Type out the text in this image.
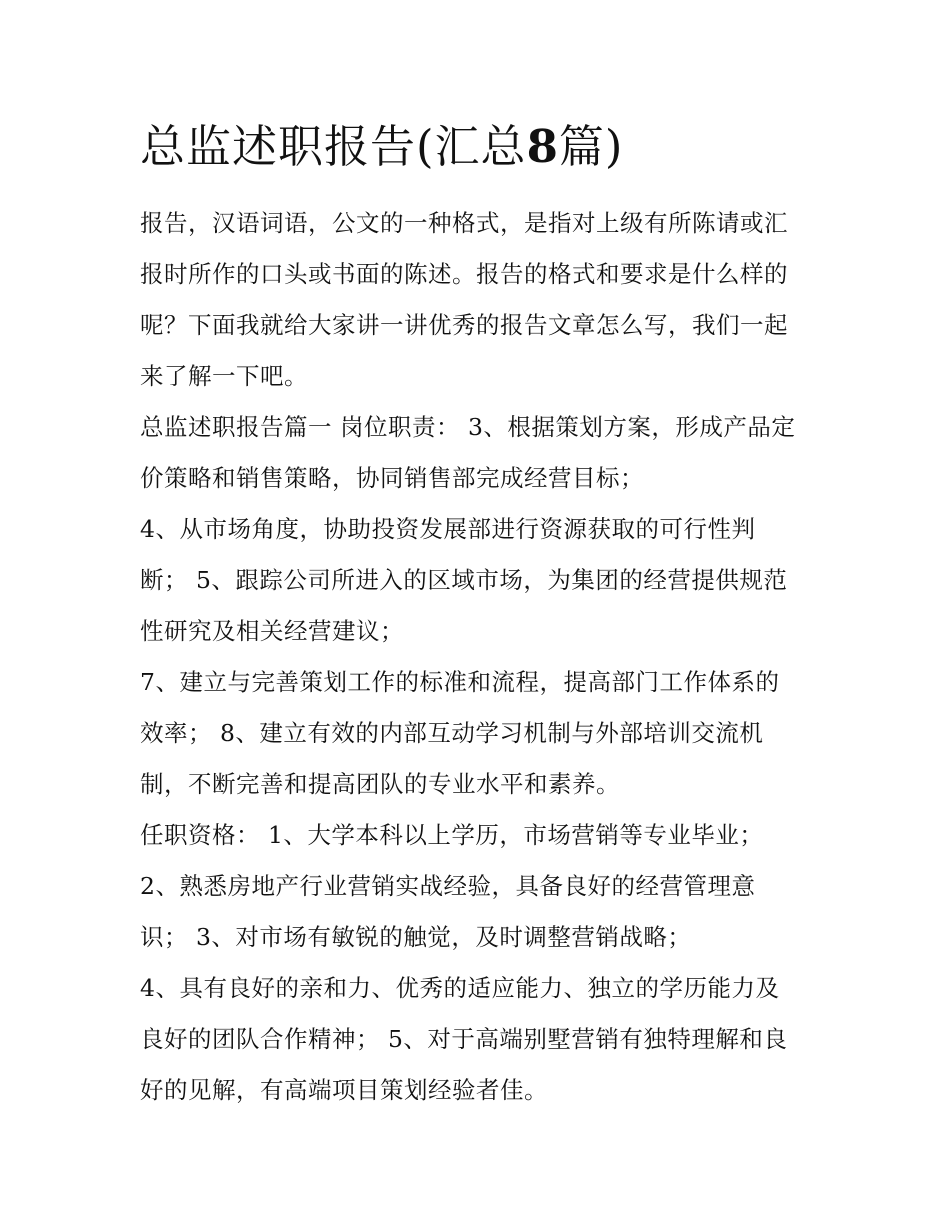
总监述职报告(汇总8篇)
报告，汉语词语，公文的一种格式，是指对上级有所陈请或汇
报时所作的口头或书面的陈述。报告的格式和要求是什么样的
呢？下面我就给大家讲一讲优秀的报告文章怎么写，我们一起
来了解一下吧。
总监述职报告篇一 岗位职责： 3、根据策划方案，形成产品定
价策略和销售策略，协同销售部完成经营目标；
4、从市场角度，协助投资发展部进行资源获取的可行性判
断； 5、跟踪公司所进入的区域市场，为集团的经营提供规范
性研究及相关经营建议；
7、建立与完善策划工作的标准和流程，提高部门工作体系的
效率； 8、建立有效的内部互动学习机制与外部培训交流机
制，不断完善和提高团队的专业水平和素养。
任职资格： 1、大学本科以上学历，市场营销等专业毕业；
2、熟悉房地产行业营销实战经验，具备良好的经营管理意
识； 3、对市场有敏锐的触觉，及时调整营销战略；
4、具有良好的亲和力、优秀的适应能力、独立的学历能力及
良好的团队合作精神； 5、对于高端别墅营销有独特理解和良
好的见解，有高端项目策划经验者佳。
